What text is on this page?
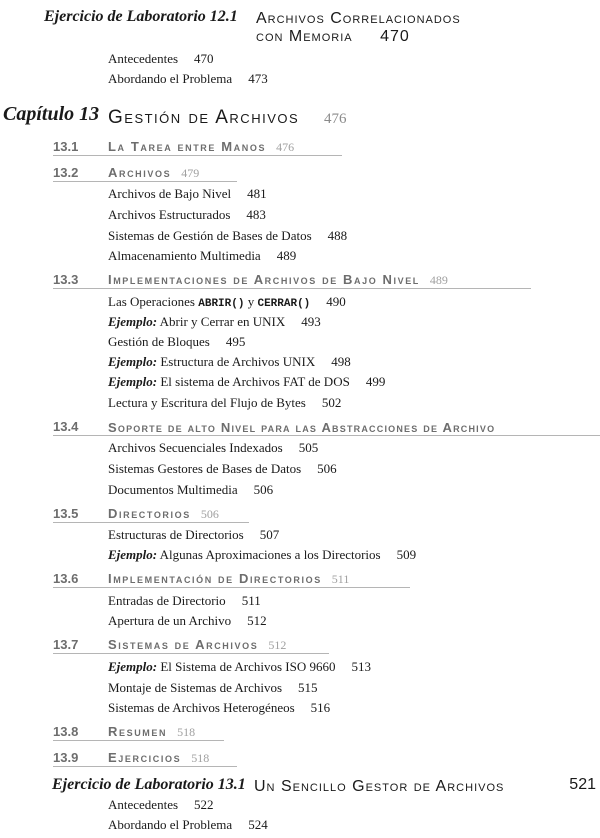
Ejercicio de Laboratorio 12.1 Archivos Correlacionados
con Memoria 470
Antecedentes 470
Abordando el Problema 473
Capítulo 13 Gestión de Archivos 476
13.1 La Tarea entre Manos 476
13.2 Archivos 479
Archivos de Bajo Nivel 481
Archivos Estructurados 483
Sistemas de Gestión de Bases de Datos 488
Almacenamiento Multimedia 489
13.3 Implementaciones de Archivos de Bajo Nivel 489
Las Operaciones ABRIR() y CERRAR() 490
Ejemplo: Abrir y Cerrar en UNIX 493
Gestión de Bloques 495
Ejemplo: Estructura de Archivos UNIX 498
Ejemplo: El sistema de Archivos FAT de DOS 499
Lectura y Escritura del Flujo de Bytes 502
13.4 Soporte de alto Nivel para las Abstracciones de Archivo
Archivos Secuenciales Indexados 505
Sistemas Gestores de Bases de Datos 506
Documentos Multimedia 506
13.5 Directorios 506
Estructuras de Directorios 507
Ejemplo: Algunas Aproximaciones a los Directorios 509
13.6 Implementación de Directorios 511
Entradas de Directorio 511
Apertura de un Archivo 512
13.7 Sistemas de Archivos 512
Ejemplo: El Sistema de Archivos ISO 9660 513
Montaje de Sistemas de Archivos 515
Sistemas de Archivos Heterogéneos 516
13.8 Resumen 518
13.9 Ejercicios 518
Ejercicio de Laboratorio 13.1 Un Sencillo Gestor de Archivos	521
Antecedentes 522
Abordando el Problema 524
